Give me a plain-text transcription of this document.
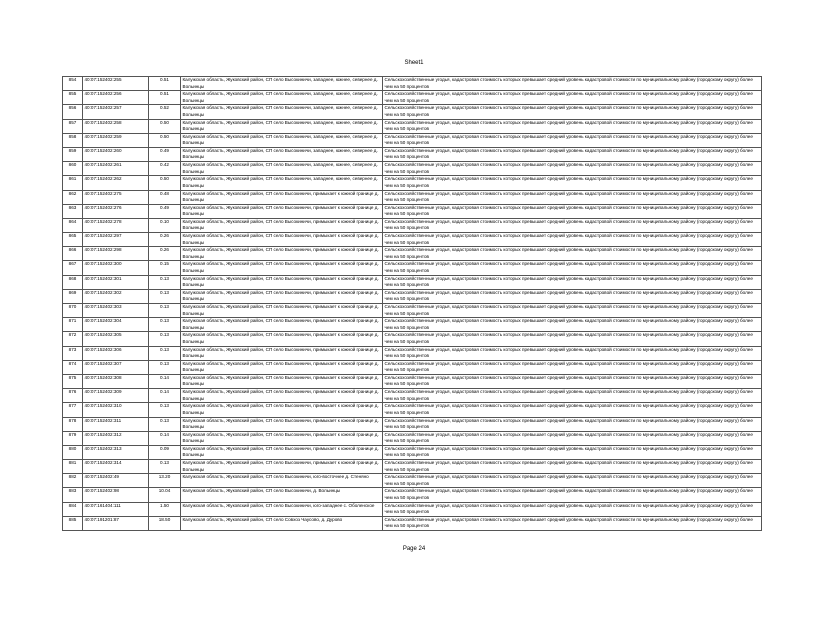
Sheet1
854	40:07:152402:255	0.51	Калужская область, Жуковский район, СП село Высокиничи, западнее, южнее, севернее д. Вольинцы	Сельскохозяйственные угодья, кадастровая стоимость которых превышает средний уровень кадастровой стоимости по муниципальному району (городскому округу) более чем на 50 процентов
855	40:07:152402:256	0.51	Калужская область, Жуковский район, СП село Высокиничи, западнее, южнее, севернее д. Вольинцы	Сельскохозяйственные угодья, кадастровая стоимость которых превышает средний уровень кадастровой стоимости по муниципальному району (городскому округу) более чем на 50 процентов
856	40:07:152402:257	0.52	Калужская область, Жуковский район, СП село Высокиничи, западнее, южнее, севернее д. Вольинцы	Сельскохозяйственные угодья, кадастровая стоимость которых превышает средний уровень кадастровой стоимости по муниципальному району (городскому округу) более чем на 50 процентов
857	40:07:152402:258	0.50	Калужская область, Жуковский район, СП село Высокиничи, западнее, южнее, севернее д. Вольинцы	Сельскохозяйственные угодья, кадастровая стоимость которых превышает средний уровень кадастровой стоимости по муниципальному району (городскому округу) более чем на 50 процентов
858	40:07:152402:259	0.50	Калужская область, Жуковский район, СП село Высокиничи, западнее, южнее, севернее д. Вольинцы	Сельскохозяйственные угодья, кадастровая стоимость которых превышает средний уровень кадастровой стоимости по муниципальному району (городскому округу) более чем на 50 процентов
859	40:07:152402:260	0.49	Калужская область, Жуковский район, СП село Высокиничи, западнее, южнее, севернее д. Вольинцы	Сельскохозяйственные угодья, кадастровая стоимость которых превышает средний уровень кадастровой стоимости по муниципальному району (городскому округу) более чем на 50 процентов
860	40:07:152402:261	0.42	Калужская область, Жуковский район, СП село Высокиничи, западнее, южнее, севернее д. Вольинцы	Сельскохозяйственные угодья, кадастровая стоимость которых превышает средний уровень кадастровой стоимости по муниципальному району (городскому округу) более чем на 50 процентов
861	40:07:152402:262	0.50	Калужская область, Жуковский район, СП село Высокиничи, западнее, южнее, севернее д. Вольинцы	Сельскохозяйственные угодья, кадастровая стоимость которых превышает средний уровень кадастровой стоимости по муниципальному району (городскому округу) более чем на 50 процентов
862	40:07:152402:275	0.48	Калужская область, Жуковский район, СП село Высокиничи, примыкает к южной границе д. Вольинцы	Сельскохозяйственные угодья, кадастровая стоимость которых превышает средний уровень кадастровой стоимости по муниципальному району (городскому округу) более чем на 50 процентов
863	40:07:152402:276	0.49	Калужская область, Жуковский район, СП село Высокиничи, примыкает к южной границе д. Вольинцы	Сельскохозяйственные угодья, кадастровая стоимость которых превышает средний уровень кадастровой стоимости по муниципальному району (городскому округу) более чем на 50 процентов
864	40:07:152402:278	0.10	Калужская область, Жуковский район, СП село Высокиничи, примыкает к южной границе д. Вольинцы	Сельскохозяйственные угодья, кадастровая стоимость которых превышает средний уровень кадастровой стоимости по муниципальному району (городскому округу) более чем на 50 процентов
865	40:07:152402:297	0.26	Калужская область, Жуковский район, СП село Высокиничи, примыкает к южной границе д. Вольинцы	Сельскохозяйственные угодья, кадастровая стоимость которых превышает средний уровень кадастровой стоимости по муниципальному району (городскому округу) более чем на 50 процентов
866	40:07:152402:298	0.26	Калужская область, Жуковский район, СП село Высокиничи, примыкает к южной границе д. Вольинцы	Сельскохозяйственные угодья, кадастровая стоимость которых превышает средний уровень кадастровой стоимости по муниципальному району (городскому округу) более чем на 50 процентов
867	40:07:152402:300	0.15	Калужская область, Жуковский район, СП село Высокиничи, примыкает к южной границе д. Вольинцы	Сельскохозяйственные угодья, кадастровая стоимость которых превышает средний уровень кадастровой стоимости по муниципальному району (городскому округу) более чем на 50 процентов
868	40:07:152402:301	0.13	Калужская область, Жуковский район, СП село Высокиничи, примыкает к южной границе д. Вольинцы	Сельскохозяйственные угодья, кадастровая стоимость которых превышает средний уровень кадастровой стоимости по муниципальному району (городскому округу) более чем на 50 процентов
869	40:07:152402:302	0.13	Калужская область, Жуковский район, СП село Высокиничи, примыкает к южной границе д. Вольинцы	Сельскохозяйственные угодья, кадастровая стоимость которых превышает средний уровень кадастровой стоимости по муниципальному району (городскому округу) более чем на 50 процентов
870	40:07:152402:303	0.13	Калужская область, Жуковский район, СП село Высокиничи, примыкает к южной границе д. Вольинцы	Сельскохозяйственные угодья, кадастровая стоимость которых превышает средний уровень кадастровой стоимости по муниципальному району (городскому округу) более чем на 50 процентов
871	40:07:152402:304	0.13	Калужская область, Жуковский район, СП село Высокиничи, примыкает к южной границе д. Вольинцы	Сельскохозяйственные угодья, кадастровая стоимость которых превышает средний уровень кадастровой стоимости по муниципальному району (городскому округу) более чем на 50 процентов
872	40:07:152402:305	0.13	Калужская область, Жуковский район, СП село Высокиничи, примыкает к южной границе д. Вольинцы	Сельскохозяйственные угодья, кадастровая стоимость которых превышает средний уровень кадастровой стоимости по муниципальному району (городскому округу) более чем на 50 процентов
873	40:07:152402:306	0.13	Калужская область, Жуковский район, СП село Высокиничи, примыкает к южной границе д. Вольинцы	Сельскохозяйственные угодья, кадастровая стоимость которых превышает средний уровень кадастровой стоимости по муниципальному району (городскому округу) более чем на 50 процентов
874	40:07:152402:307	0.13	Калужская область, Жуковский район, СП село Высокиничи, примыкает к южной границе д. Вольинцы	Сельскохозяйственные угодья, кадастровая стоимость которых превышает средний уровень кадастровой стоимости по муниципальному району (городскому округу) более чем на 50 процентов
875	40:07:152402:308	0.14	Калужская область, Жуковский район, СП село Высокиничи, примыкает к южной границе д. Вольинцы	Сельскохозяйственные угодья, кадастровая стоимость которых превышает средний уровень кадастровой стоимости по муниципальному району (городскому округу) более чем на 50 процентов
876	40:07:152402:309	0.14	Калужская область, Жуковский район, СП село Высокиничи, примыкает к южной границе д. Вольинцы	Сельскохозяйственные угодья, кадастровая стоимость которых превышает средний уровень кадастровой стоимости по муниципальному району (городскому округу) более чем на 50 процентов
877	40:07:152402:310	0.13	Калужская область, Жуковский район, СП село Высокиничи, примыкает к южной границе д. Вольинцы	Сельскохозяйственные угодья, кадастровая стоимость которых превышает средний уровень кадастровой стоимости по муниципальному району (городскому округу) более чем на 50 процентов
878	40:07:152402:311	0.13	Калужская область, Жуковский район, СП село Высокиничи, примыкает к южной границе д. Вольинцы	Сельскохозяйственные угодья, кадастровая стоимость которых превышает средний уровень кадастровой стоимости по муниципальному району (городскому округу) более чем на 50 процентов
879	40:07:152402:312	0.14	Калужская область, Жуковский район, СП село Высокиничи, примыкает к южной границе д. Вольинцы	Сельскохозяйственные угодья, кадастровая стоимость которых превышает средний уровень кадастровой стоимости по муниципальному району (городскому округу) более чем на 50 процентов
880	40:07:152402:313	0.09	Калужская область, Жуковский район, СП село Высокиничи, примыкает к южной границе д. Вольинцы	Сельскохозяйственные угодья, кадастровая стоимость которых превышает средний уровень кадастровой стоимости по муниципальному району (городскому округу) более чем на 50 процентов
881	40:07:152402:314	0.13	Калужская область, Жуковский район, СП село Высокиничи, примыкает к южной границе д. Вольинцы	Сельскохозяйственные угодья, кадастровая стоимость которых превышает средний уровень кадастровой стоимости по муниципальному району (городскому округу) более чем на 50 процентов
882	40:07:152402:49	13.20	Калужская область, Жуковский район, СП село Высокиничи, юго-восточнее д. Стеняно	Сельскохозяйственные угодья, кадастровая стоимость которых превышает средний уровень кадастровой стоимости по муниципальному району (городскому округу) более чем на 50 процентов
883	40:07:152402:98	10.04	Калужская область, Жуковский район, СП село Высокиничи, д. Вольинцы	Сельскохозяйственные угодья, кадастровая стоимость которых превышает средний уровень кадастровой стоимости по муниципальному району (городскому округу) более чем на 50 процентов
884	40:07:161404:111	1.50	Калужская область, Жуковский район, СП село Высокиничи, юго-западнее с. Оболенское	Сельскохозяйственные угодья, кадастровая стоимость которых превышает средний уровень кадастровой стоимости по муниципальному району (городскому округу) более чем на 50 процентов
885	40:07:191201:87	18.50	Калужская область, Жуковский район, СП село Совхоз Чаусово, д. Дурово	Сельскохозяйственные угодья, кадастровая стоимость которых превышает средний уровень кадастровой стоимости по муниципальному району (городскому округу) более чем на 50 процентов
Page 24
